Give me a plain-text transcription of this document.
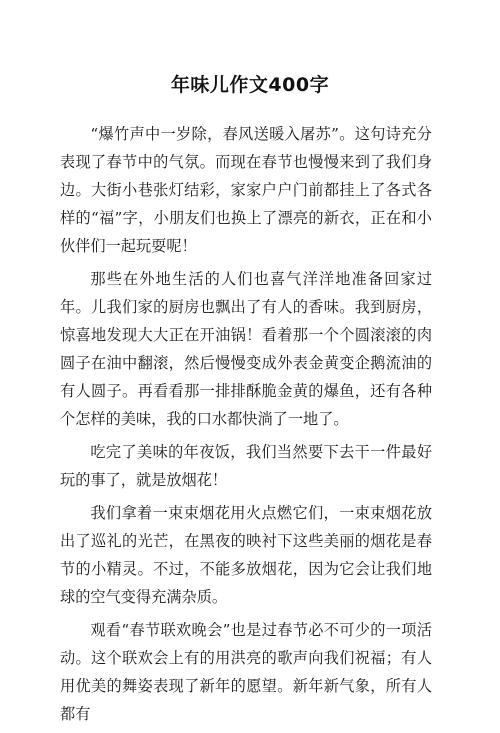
年味儿作文400字

“爆竹声中一岁除，春风送暖入屠苏”。这句诗充分表现了春节中的气氛。而现在春节也慢慢来到了我们身边。大街小巷张灯结彩，家家户户门前都挂上了各式各样的“福”字，小朋友们也换上了漂亮的新衣，正在和小伙伴们一起玩耍呢！

那些在外地生活的人们也喜气洋洋地准备回家过年。儿我们家的厨房也飘出了有人的香味。我到厨房，惊喜地发现大大正在开油锅！看着那一个个圆滚滚的肉圆子在油中翻滚，然后慢慢变成外表金黄变企鹅流油的有人圆子。再看看那一排排酥脆金黄的爆鱼，还有各种个怎样的美味，我的口水都快淌了一地了。

吃完了美味的年夜饭，我们当然要下去干一件最好玩的事了，就是放烟花！

我们拿着一束束烟花用火点燃它们，一束束烟花放出了巡礼的光芒，在黑夜的映衬下这些美丽的烟花是春节的小精灵。不过，不能多放烟花，因为它会让我们地球的空气变得充满杂质。

观看“春节联欢晚会”也是过春节必不可少的一项活动。这个联欢会上有的用洪亮的歌声向我们祝福；有人用优美的舞姿表现了新年的愿望。新年新气象，所有人都有
